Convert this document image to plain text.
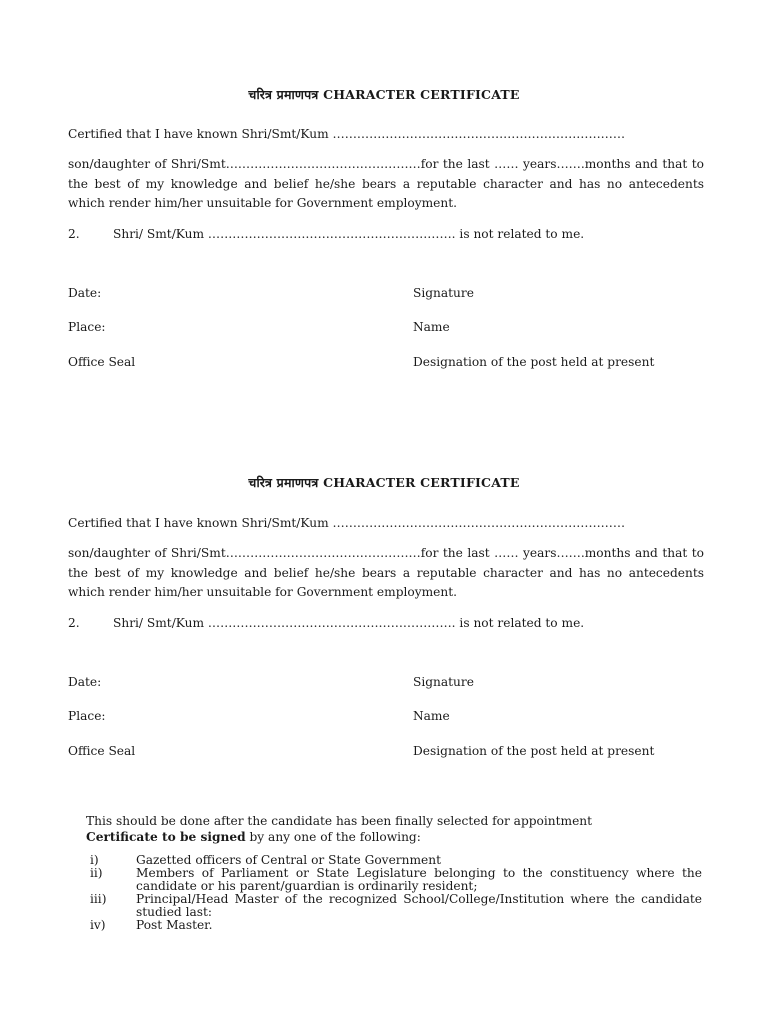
चरित्र प्रमाणपत्र CHARACTER CERTIFICATE
Certified that I have known Shri/Smt/Kum ………………………………………………………………
son/daughter of Shri/Smt…………………………………………for the last …… years…….months and that to the best of my knowledge and belief he/she bears a reputable character and has no antecedents which render him/her unsuitable for Government employment.
2.	Shri/ Smt/Kum ……………………………………………………. is not related to me.
Date:	Signature
Place:	Name
Office Seal	Designation of the post held at present
चरित्र प्रमाणपत्र CHARACTER CERTIFICATE
Certified that I have known Shri/Smt/Kum ………………………………………………………………
son/daughter of Shri/Smt…………………………………………for the last …… years…….months and that to the best of my knowledge and belief he/she bears a reputable character and has no antecedents which render him/her unsuitable for Government employment.
2.	Shri/ Smt/Kum ……………………………………………………. is not related to me.
Date:	Signature
Place:	Name
Office Seal	Designation of the post held at present
This should be done after the candidate has been finally selected for appointment
Certificate to be signed by any one of the following:
i)	Gazetted officers of Central or State Government
ii)	Members of Parliament or State Legislature belonging to the constituency where the candidate or his parent/guardian is ordinarily resident;
iii) Principal/Head Master of the recognized School/College/Institution where the candidate studied last:
iv) Post Master.
